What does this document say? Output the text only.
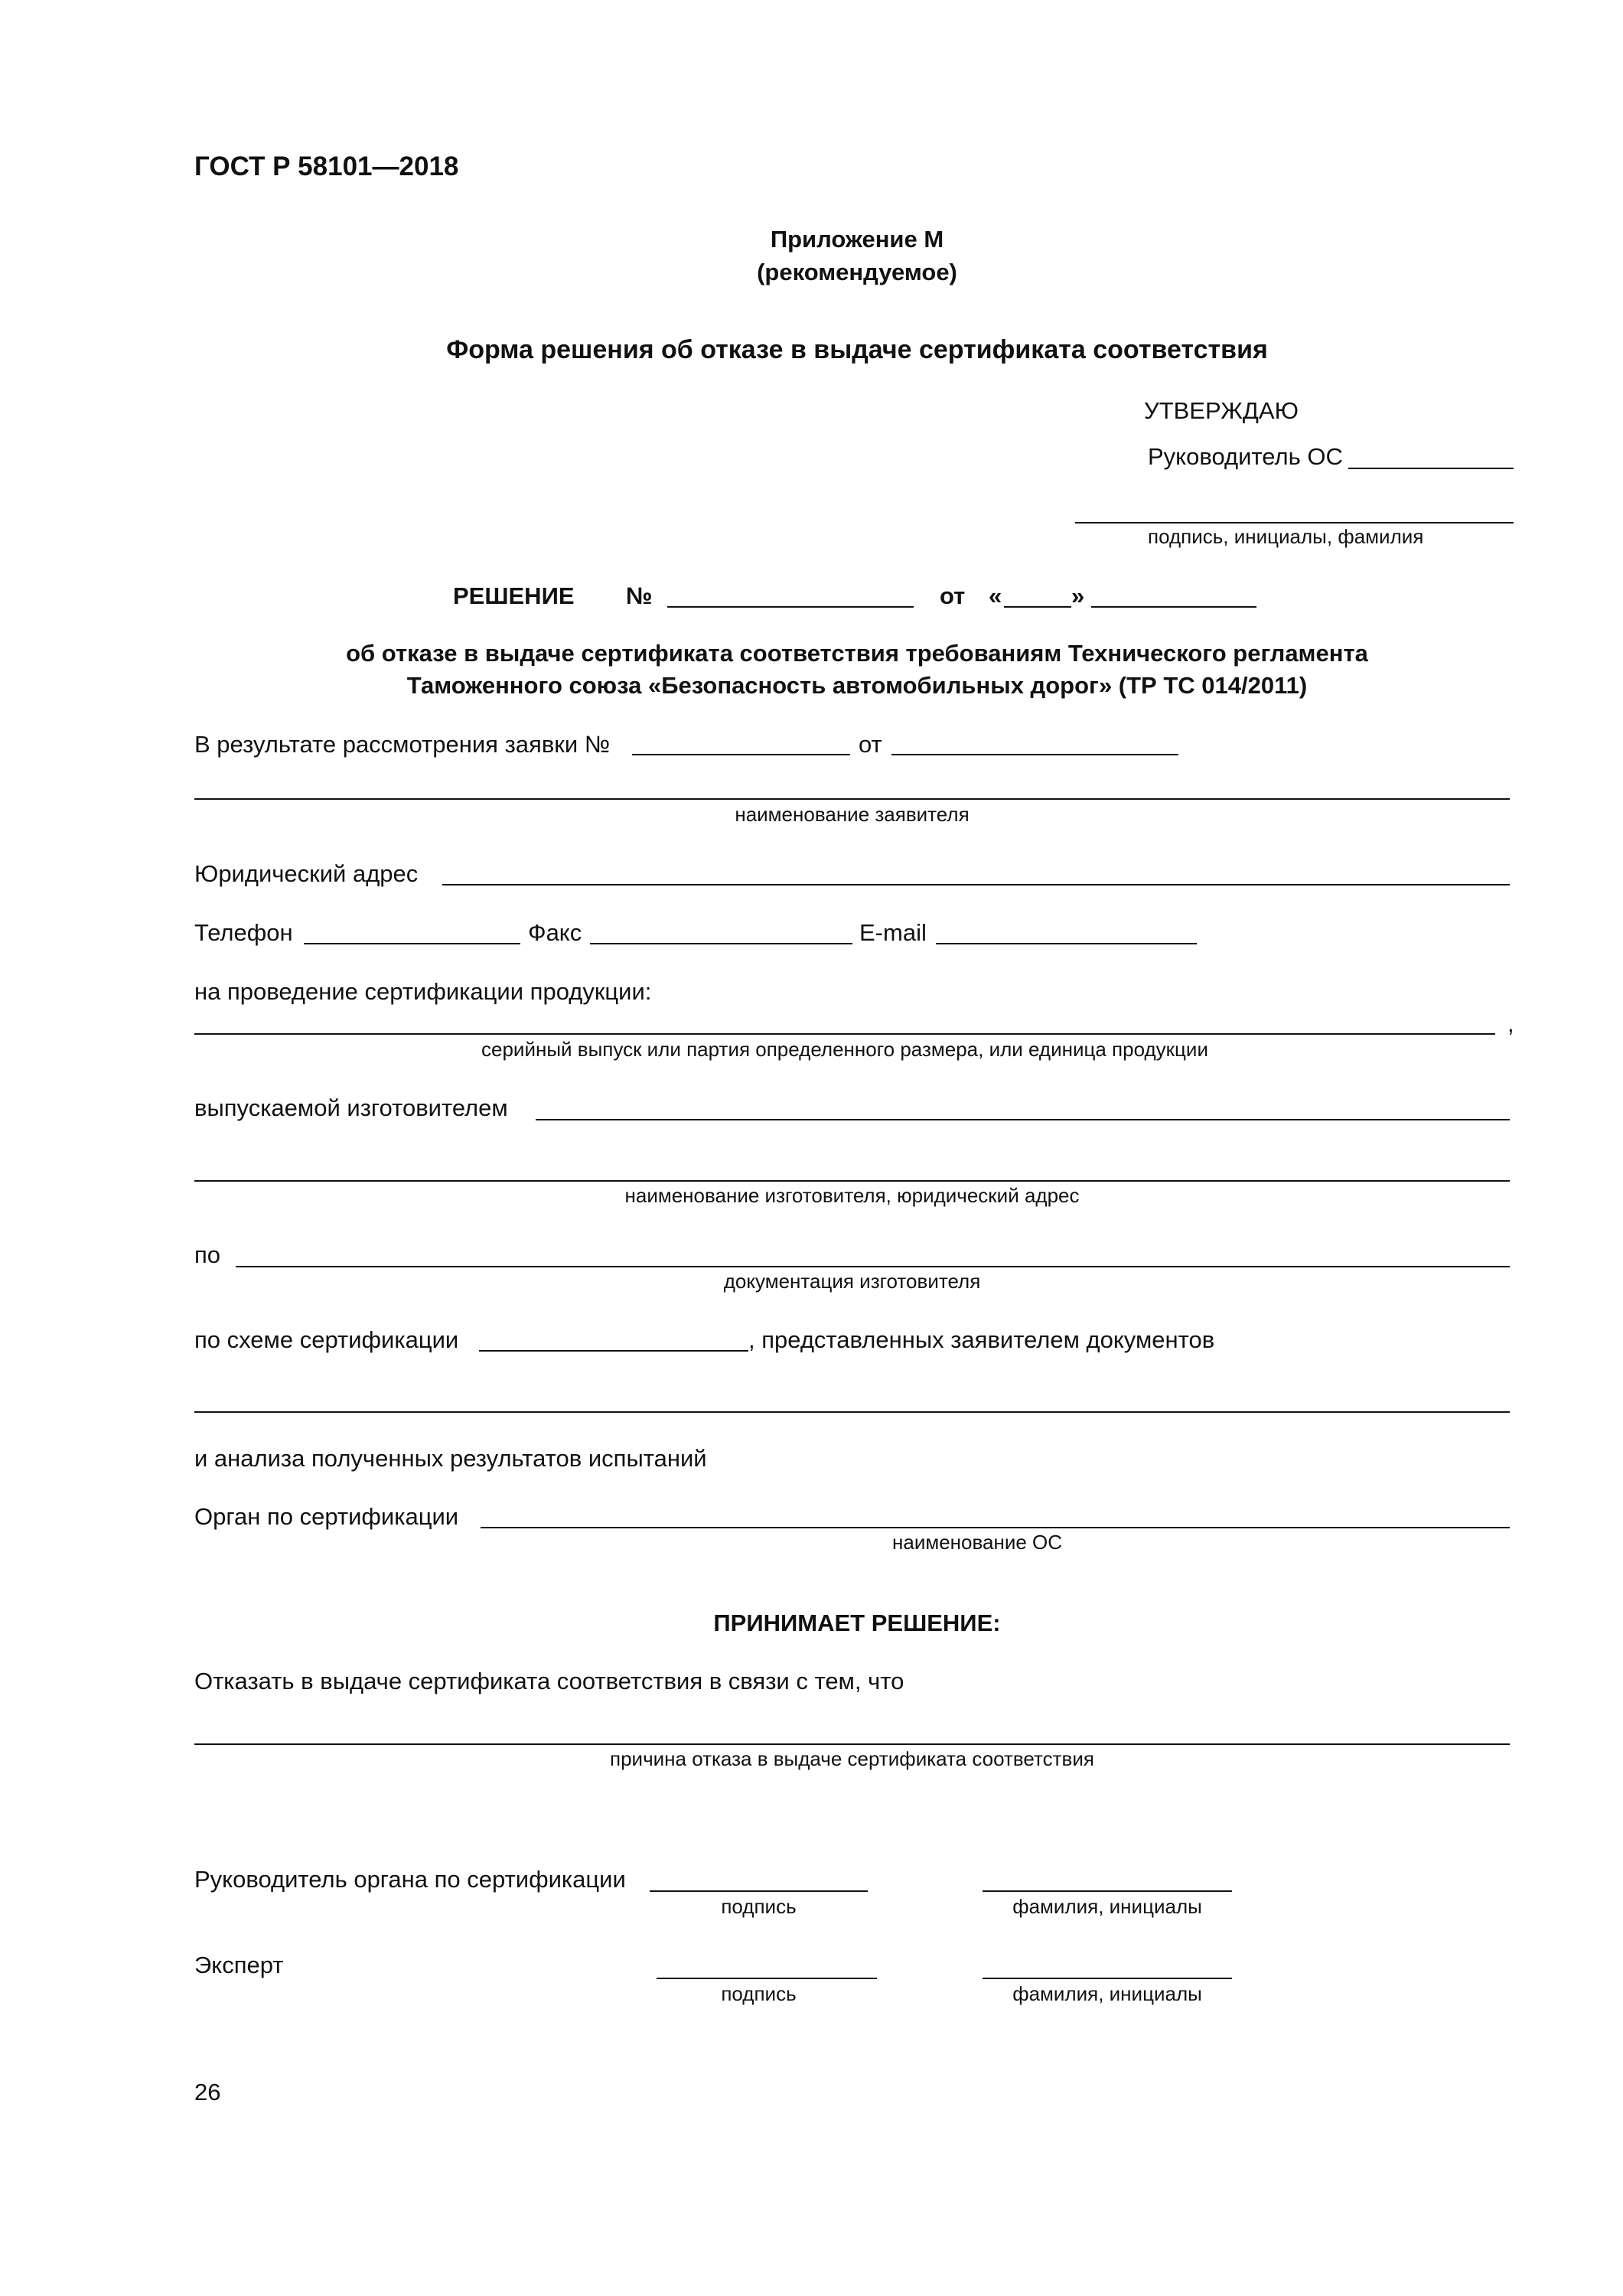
ГОСТ Р 58101—2018
Приложение М
(рекомендуемое)
Форма решения об отказе в выдаче сертификата соответствия
УТВЕРЖДАЮ
Руководитель ОС
подпись, инициалы, фамилия
РЕШЕНИЕ №	от «	»
об отказе в выдаче сертификата соответствия требованиям Технического регламента
Таможенного союза «Безопасность автомобильных дорог» (ТР ТС 014/2011)
В результате рассмотрения заявки №	от
наименование заявителя
Юридический адрес
Телефон	Факс	E-mail
на проведение сертификации продукции:
,
серийный выпуск или партия определенного размера, или единица продукции
выпускаемой изготовителем
наименование изготовителя, юридический адрес
по
документация изготовителя
по схеме сертификации	, представленных заявителем документов
и анализа полученных результатов испытаний
Орган по сертификации
наименование ОС
ПРИНИМАЕТ РЕШЕНИЕ:
Отказать в выдаче сертификата соответствия в связи с тем, что
причина отказа в выдаче сертификата соответствия
Руководитель органа по сертификации
подпись	фамилия, инициалы
Эксперт
подпись	фамилия, инициалы
26
